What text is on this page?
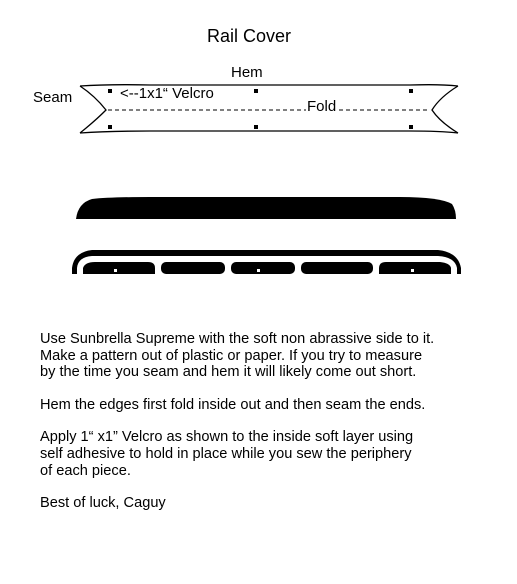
Rail Cover
Hem
Seam	<--1x1“ Velcro
Fold

Use Sunbrella Supreme with the soft non abrassive side to it.
Make a pattern out of plastic or paper. If you try to measure
by the time you seam and hem it will likely come out short.

Hem the edges first fold inside out and then seam the ends.

Apply 1“ x1” Velcro as shown to the inside soft layer using
self adhesive to hold in place while you sew the periphery
of each piece.

Best of luck, Caguy
